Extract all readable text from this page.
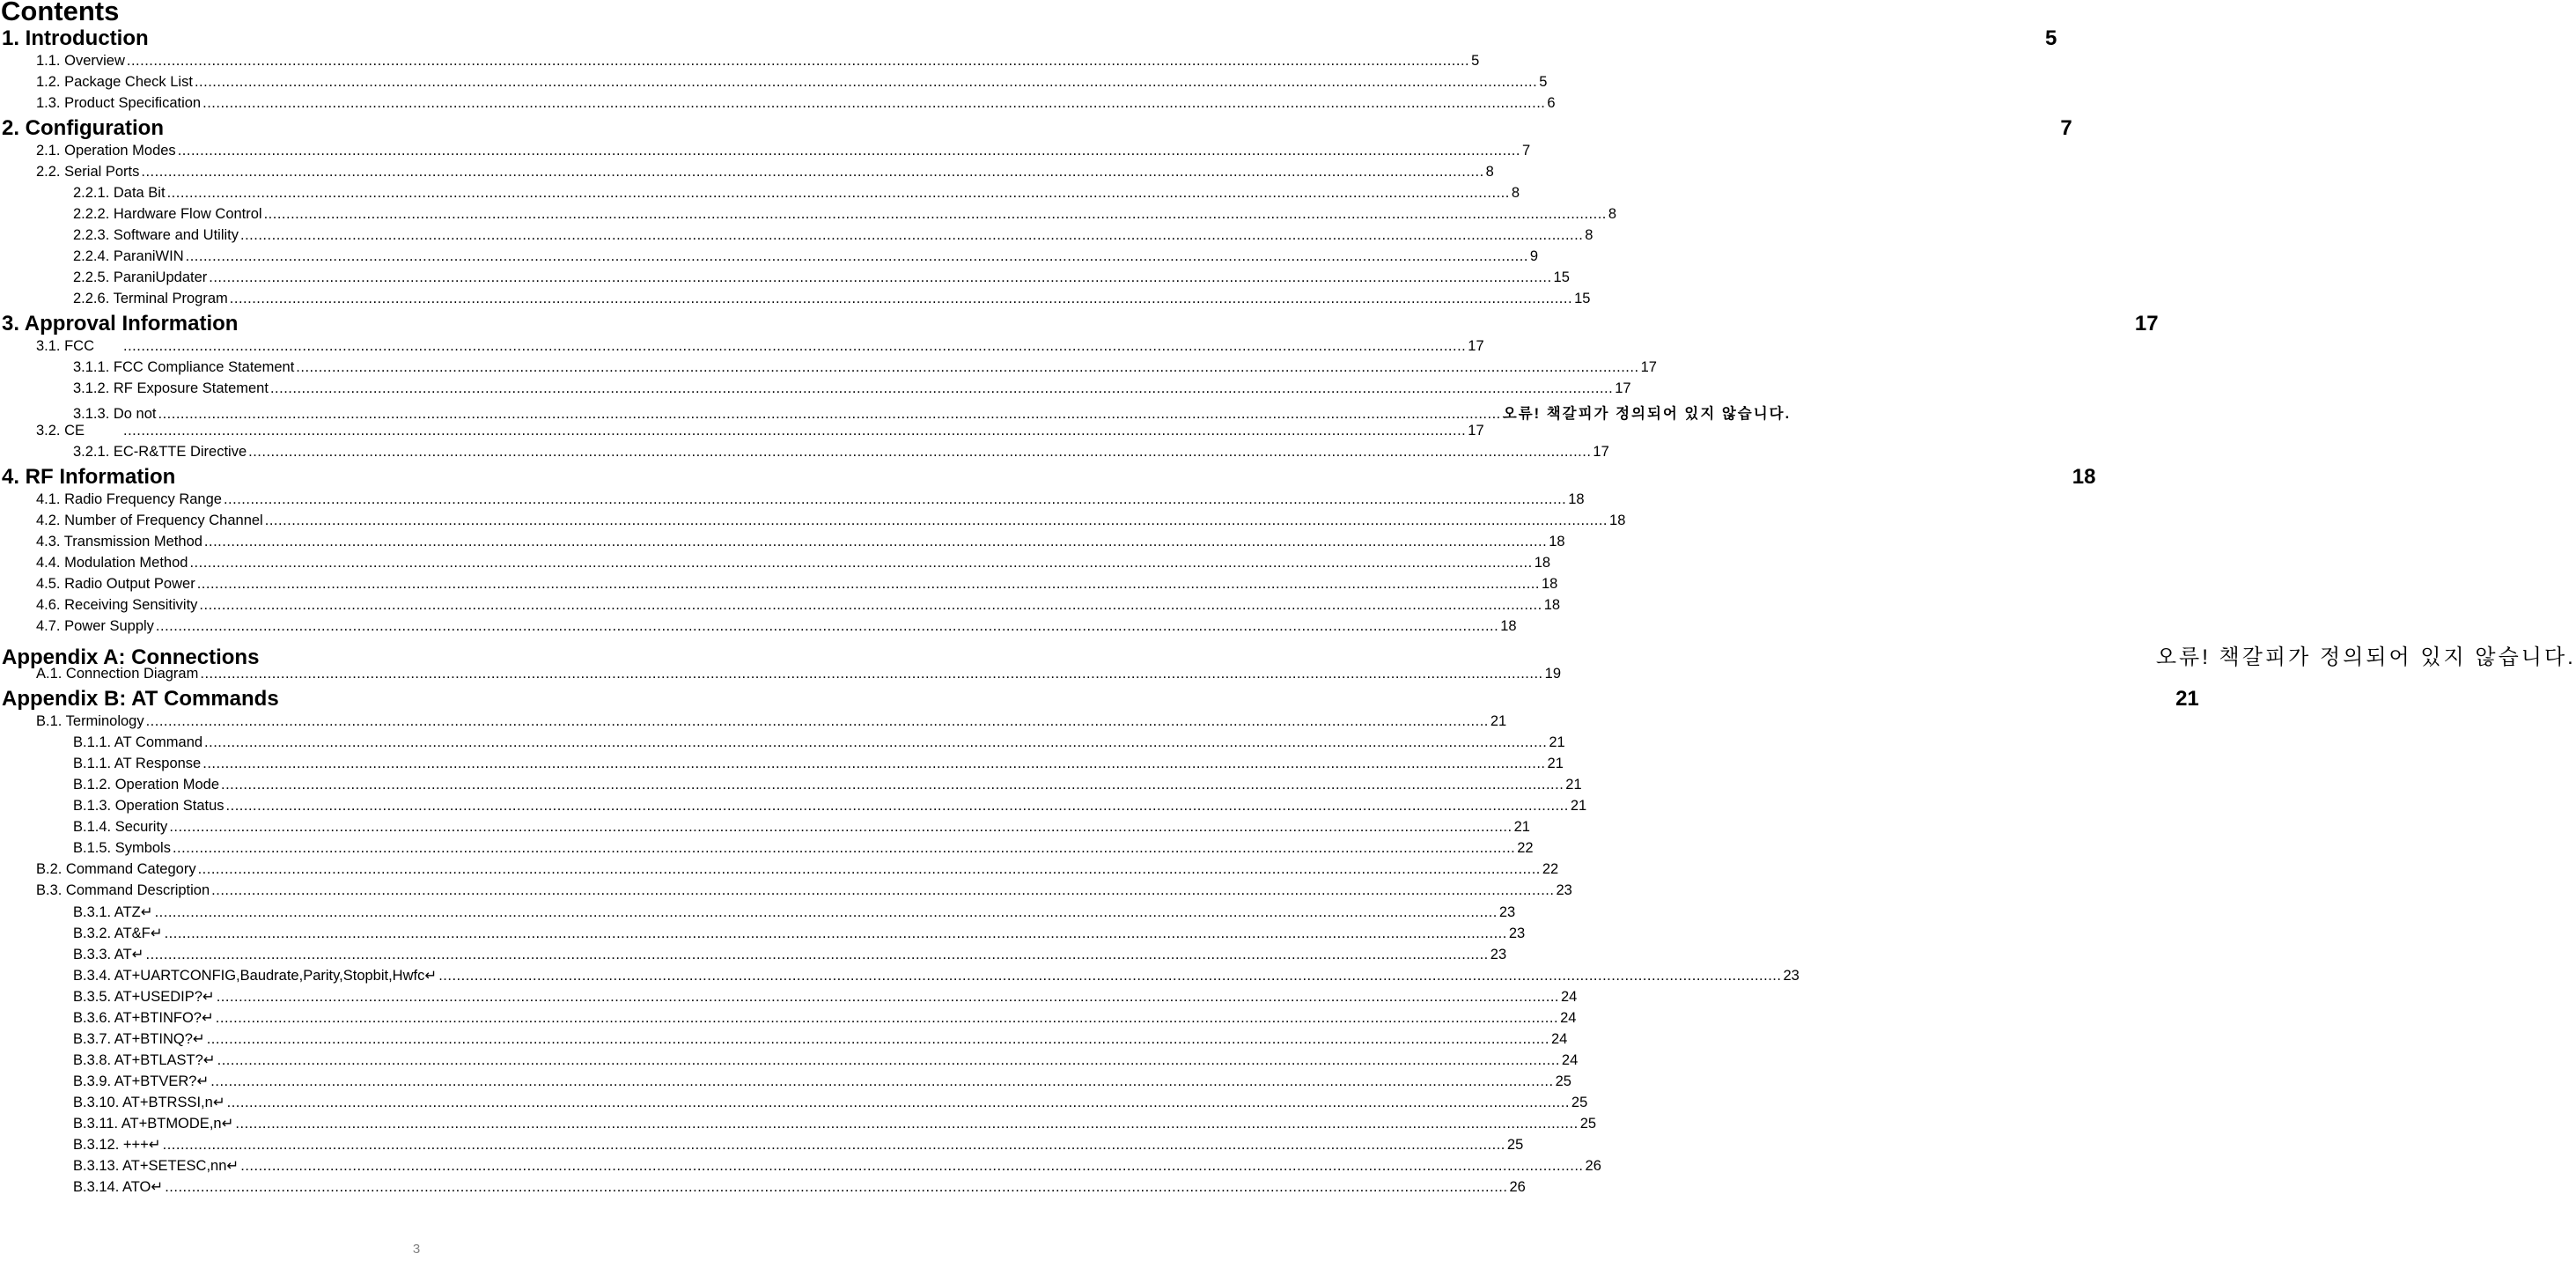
Contents
1. Introduction	5
1.1. Overview ............................................................................................................................................................................................................................................................................................................ 5
1.2. Package Check List ............................................................................................................................................................................................................................................................................................................ 5
1.3. Product Specification ............................................................................................................................................................................................................................................................................................................ 6
2. Configuration	7
2.1. Operation Modes ............................................................................................................................................................................................................................................................................................................ 7
2.2. Serial Ports ............................................................................................................................................................................................................................................................................................................ 8
2.2.1. Data Bit ............................................................................................................................................................................................................................................................................................................ 8
2.2.2. Hardware Flow Control ............................................................................................................................................................................................................................................................................................................ 8
2.2.3. Software and Utility ............................................................................................................................................................................................................................................................................................................ 8
2.2.4. ParaniWIN ............................................................................................................................................................................................................................................................................................................ 9
2.2.5. ParaniUpdater ............................................................................................................................................................................................................................................................................................................ 15
2.2.6. Terminal Program ............................................................................................................................................................................................................................................................................................................ 15
3. Approval Information	17
3.1. FCC	............................................................................................................................................................................................................................................................................................................ 17
3.1.1. FCC Compliance Statement ............................................................................................................................................................................................................................................................................................................ 17
3.1.2. RF Exposure Statement ............................................................................................................................................................................................................................................................................................................ 17
3.1.3. Do not ............................................................................................................................................................................................................................................................................................................ 오류! 책갈피가 정의되어 있지 않습니다.
3.2. CE	............................................................................................................................................................................................................................................................................................................ 17
3.2.1. EC-R&TTE Directive ............................................................................................................................................................................................................................................................................................................ 17
4. RF Information	18
4.1. Radio Frequency Range ............................................................................................................................................................................................................................................................................................................ 18
4.2. Number of Frequency Channel ............................................................................................................................................................................................................................................................................................................ 18
4.3. Transmission Method ............................................................................................................................................................................................................................................................................................................ 18
4.4. Modulation Method ............................................................................................................................................................................................................................................................................................................ 18
4.5. Radio Output Power ............................................................................................................................................................................................................................................................................................................ 18
4.6. Receiving Sensitivity ............................................................................................................................................................................................................................................................................................................ 18
4.7. Power Supply ............................................................................................................................................................................................................................................................................................................ 18
Appendix A: Connections	오류! 책갈피가 정의되어 있지 않습니다.
A.1. Connection Diagram ............................................................................................................................................................................................................................................................................................................ 19
Appendix B: AT Commands	21
B.1. Terminology ............................................................................................................................................................................................................................................................................................................ 21
B.1.1. AT Command ............................................................................................................................................................................................................................................................................................................ 21
B.1.1. AT Response ............................................................................................................................................................................................................................................................................................................ 21
B.1.2. Operation Mode ............................................................................................................................................................................................................................................................................................................ 21
B.1.3. Operation Status ............................................................................................................................................................................................................................................................................................................ 21
B.1.4. Security ............................................................................................................................................................................................................................................................................................................ 21
B.1.5. Symbols ............................................................................................................................................................................................................................................................................................................ 22
B.2. Command Category ............................................................................................................................................................................................................................................................................................................ 22
B.3. Command Description ............................................................................................................................................................................................................................................................................................................ 23
B.3.1. ATZ↵ ............................................................................................................................................................................................................................................................................................................ 23
B.3.2. AT&F↵ ............................................................................................................................................................................................................................................................................................................ 23
B.3.3. AT↵ ............................................................................................................................................................................................................................................................................................................ 23
B.3.4. AT+UARTCONFIG,Baudrate,Parity,Stopbit,Hwfc↵ ............................................................................................................................................................................................................................................................................................................ 23
B.3.5. AT+USEDIP?↵ ............................................................................................................................................................................................................................................................................................................ 24
B.3.6. AT+BTINFO?↵ ............................................................................................................................................................................................................................................................................................................ 24
B.3.7. AT+BTINQ?↵ ............................................................................................................................................................................................................................................................................................................ 24
B.3.8. AT+BTLAST?↵ ............................................................................................................................................................................................................................................................................................................ 24
B.3.9. AT+BTVER?↵ ............................................................................................................................................................................................................................................................................................................ 25
B.3.10. AT+BTRSSI,n↵ ............................................................................................................................................................................................................................................................................................................ 25
B.3.11. AT+BTMODE,n↵ ............................................................................................................................................................................................................................................................................................................ 25
B.3.12. +++↵ ............................................................................................................................................................................................................................................................................................................ 25
B.3.13. AT+SETESC,nn↵ ............................................................................................................................................................................................................................................................................................................ 26
B.3.14. ATO↵ ............................................................................................................................................................................................................................................................................................................ 26
3
